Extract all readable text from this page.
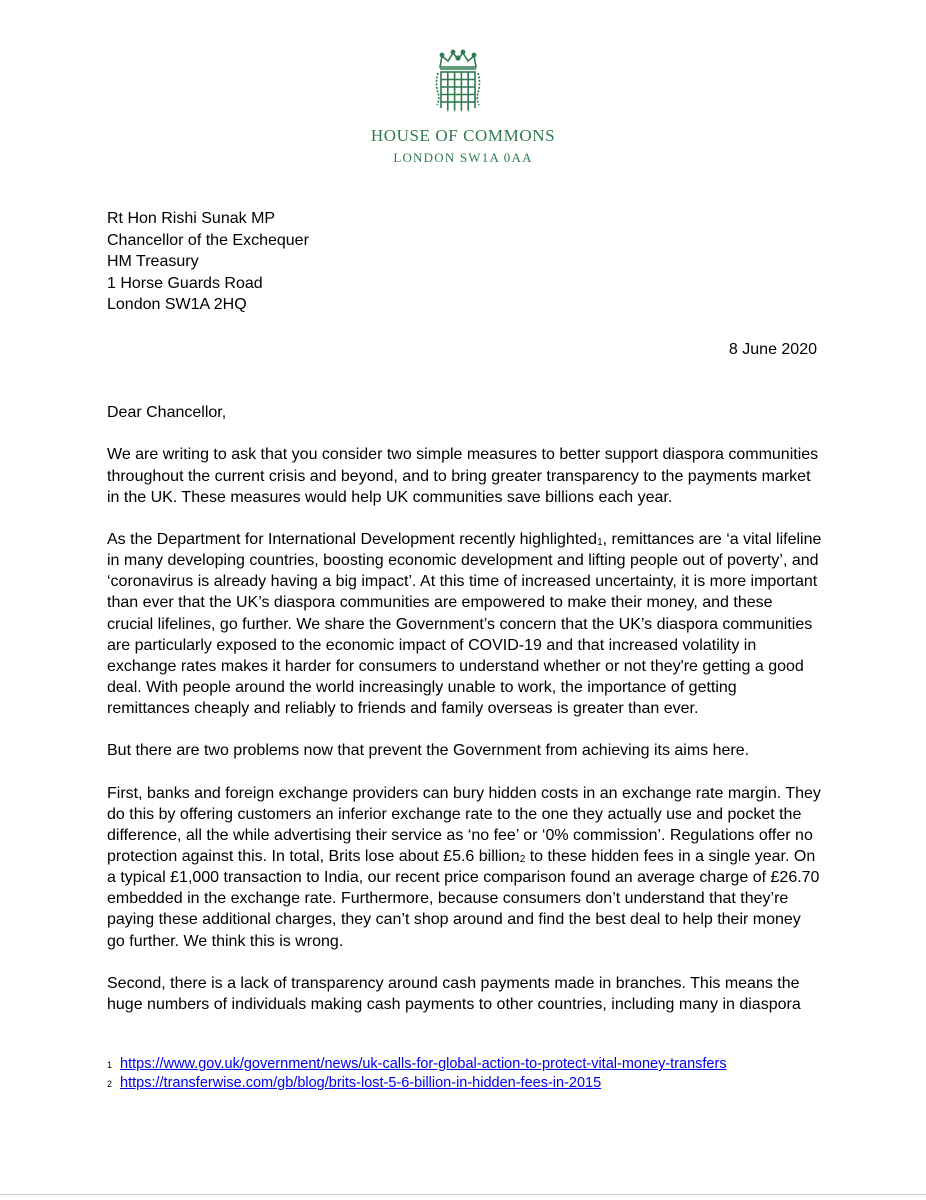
HOUSE OF COMMONS
LONDON SW1A 0AA
Rt Hon Rishi Sunak MP
Chancellor of the Exchequer
HM Treasury
1 Horse Guards Road
London SW1A 2HQ
8 June 2020

Dear Chancellor,

We are writing to ask that you consider two simple measures to better support diaspora communities throughout the current crisis and beyond, and to bring greater transparency to the payments market in the UK. These measures would help UK communities save billions each year.

As the Department for International Development recently highlighted$_1$, remittances are ‘a vital lifeline in many developing countries, boosting economic development and lifting people out of poverty’, and ‘coronavirus is already having a big impact’. At this time of increased uncertainty, it is more important than ever that the UK’s diaspora communities are empowered to make their money, and these crucial lifelines, go further. We share the Government’s concern that the UK’s diaspora communities are particularly exposed to the economic impact of COVID-19 and that increased volatility in exchange rates makes it harder for consumers to understand whether or not they're getting a good deal. With people around the world increasingly unable to work, the importance of getting remittances cheaply and reliably to friends and family overseas is greater than ever.

But there are two problems now that prevent the Government from achieving its aims here.

First, banks and foreign exchange providers can bury hidden costs in an exchange rate margin. They do this by offering customers an inferior exchange rate to the one they actually use and pocket the difference, all the while advertising their service as ‘no fee’ or ‘0% commission’. Regulations offer no protection against this. In total, Brits lose about £5.6 billion$_2$ to these hidden fees in a single year. On a typical £1,000 transaction to India, our recent price comparison found an average charge of £26.70 embedded in the exchange rate. Furthermore, because consumers don’t understand that they’re paying these additional charges, they can’t shop around and find the best deal to help their money go further. We think this is wrong.

Second, there is a lack of transparency around cash payments made in branches. This means the huge numbers of individuals making cash payments to other countries, including many in diaspora

1 https://www.gov.uk/government/news/uk-calls-for-global-action-to-protect-vital-money-transfers
2 https://transferwise.com/gb/blog/brits-lost-5-6-billion-in-hidden-fees-in-2015
